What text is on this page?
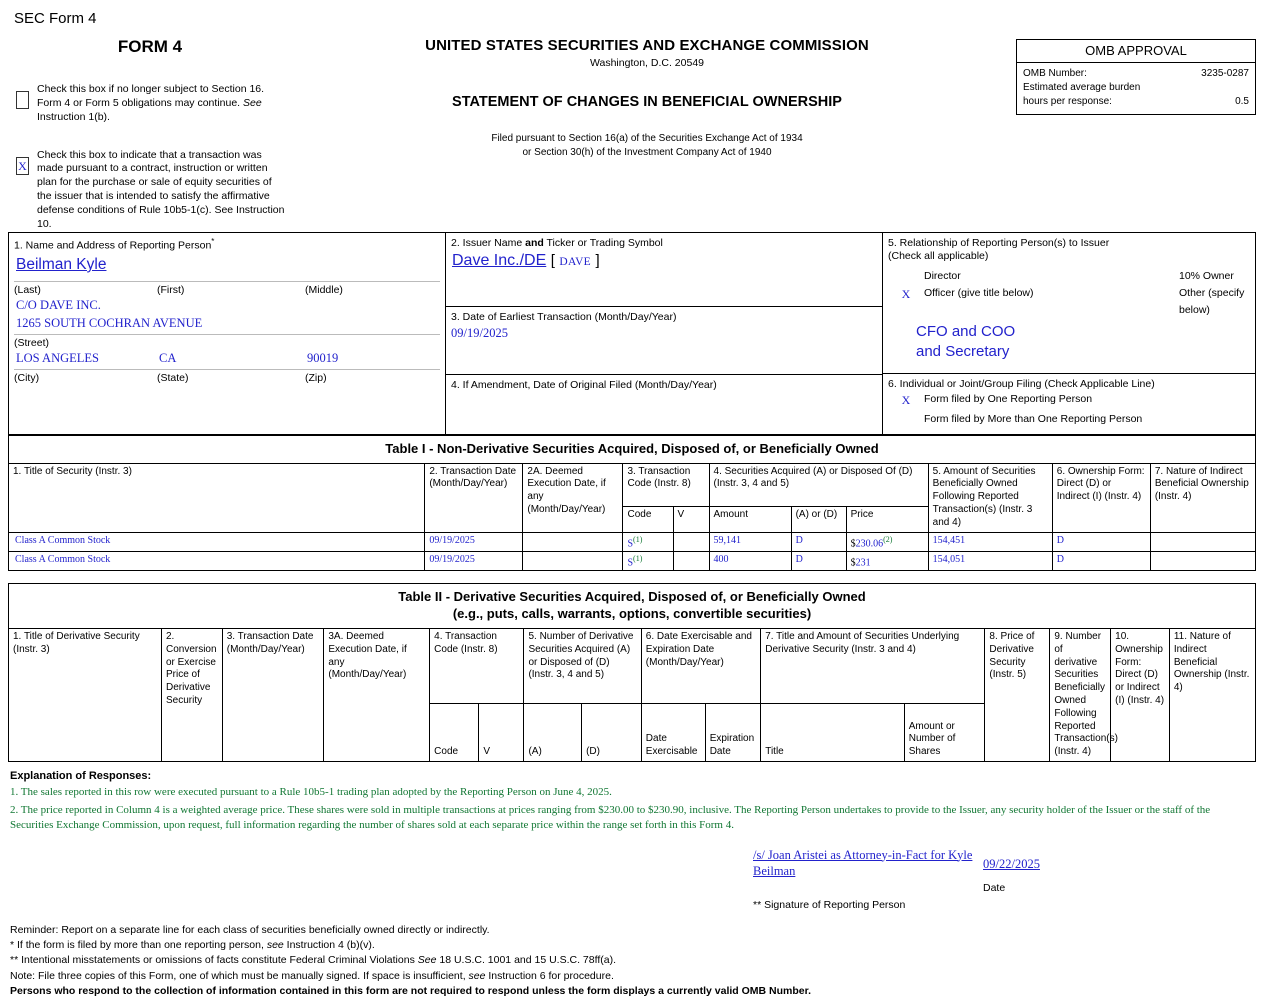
SEC Form 4
FORM 4
Check this box if no longer subject to Section 16. Form 4 or Form 5 obligations may continue. See Instruction 1(b).
X
Check this box to indicate that a transaction was made pursuant to a contract, instruction or written plan for the purchase or sale of equity securities of the issuer that is intended to satisfy the affirmative defense conditions of Rule 10b5-1(c). See Instruction 10.
UNITED STATES SECURITIES AND EXCHANGE COMMISSION
Washington, D.C. 20549
STATEMENT OF CHANGES IN BENEFICIAL OWNERSHIP
Filed pursuant to Section 16(a) of the Securities Exchange Act of 1934
or Section 30(h) of the Investment Company Act of 1940
OMB APPROVAL
OMB Number:	3235-0287
Estimated average burden
hours per response:	0.5
1. Name and Address of Reporting Person*
Beilman Kyle
(Last)	(First)	(Middle)
C/O DAVE INC.
1265 SOUTH COCHRAN AVENUE
(Street)
LOS ANGELES	CA	90019
(City)	(State)	(Zip)
2. Issuer Name and Ticker or Trading Symbol
Dave Inc./DE [ DAVE ]
3. Date of Earliest Transaction (Month/Day/Year)
09/19/2025
4. If Amendment, Date of Original Filed (Month/Day/Year)
5. Relationship of Reporting Person(s) to Issuer
(Check all applicable)
Director	10% Owner
X	Officer (give title below)	Other (specify below)
CFO and COO
and Secretary
6. Individual or Joint/Group Filing (Check Applicable Line)
X	Form filed by One Reporting Person
Form filed by More than One Reporting Person
Table I - Non-Derivative Securities Acquired, Disposed of, or Beneficially Owned										
1. Title of Security (Instr. 3)	2. Transaction Date (Month/Day/Year)	2A. Deemed Execution Date, if any (Month/Day/Year)	3. Transaction Code (Instr. 8)		4. Securities Acquired (A) or Disposed Of (D) (Instr. 3, 4 and 5)			5. Amount of Securities Beneficially Owned Following Reported Transaction(s) (Instr. 3 and 4)	6. Ownership Form: Direct (D) or Indirect (I) (Instr. 4)	7. Nature of Indirect Beneficial Ownership (Instr. 4)
			Code	V	Amount	(A) or (D)	Price			
Class A Common Stock	09/19/2025		S$^{(1)}$		59,141	D	$230.06$^{(2)}$	154,451	D	
Class A Common Stock	09/19/2025		S$^{(1)}$		400	D	$231	154,051	D	
Table II - Derivative Securities Acquired, Disposed of, or Beneficially Owned
(e.g., puts, calls, warrants, options, convertible securities)															
1. Title of Derivative Security (Instr. 3)	2. Conversion or Exercise Price of Derivative Security	3. Transaction Date (Month/Day/Year)	3A. Deemed Execution Date, if any (Month/Day/Year)	4. Transaction Code (Instr. 8)		5. Number of Derivative Securities Acquired (A) or Disposed of (D) (Instr. 3, 4 and 5)		6. Date Exercisable and Expiration Date (Month/Day/Year)		7. Title and Amount of Securities Underlying Derivative Security (Instr. 3 and 4)		8. Price of Derivative Security (Instr. 5)	9. Number of derivative Securities Beneficially Owned Following Reported Transaction(s) (Instr. 4)	10. Ownership Form: Direct (D) or Indirect (I) (Instr. 4)	11. Nature of Indirect Beneficial Ownership (Instr. 4)
				Code	V	(A)	(D)	Date Exercisable	Expiration Date	Title	Amount or Number of Shares				
Explanation of Responses:
1. The sales reported in this row were executed pursuant to a Rule 10b5-1 trading plan adopted by the Reporting Person on June 4, 2025.
2. The price reported in Column 4 is a weighted average price. These shares were sold in multiple transactions at prices ranging from $230.00 to $230.90, inclusive. The Reporting Person undertakes to provide to the Issuer, any security holder of the Issuer or the staff of the Securities Exchange Commission, upon request, full information regarding the number of shares sold at each separate price within the range set forth in this Form 4.
/s/ Joan Aristei as Attorney-in-Fact for Kyle Beilman
** Signature of Reporting Person
09/22/2025
Date
Reminder: Report on a separate line for each class of securities beneficially owned directly or indirectly.
* If the form is filed by more than one reporting person, see Instruction 4 (b)(v).
** Intentional misstatements or omissions of facts constitute Federal Criminal Violations See 18 U.S.C. 1001 and 15 U.S.C. 78ff(a).
Note: File three copies of this Form, one of which must be manually signed. If space is insufficient, see Instruction 6 for procedure.
Persons who respond to the collection of information contained in this form are not required to respond unless the form displays a currently valid OMB Number.
